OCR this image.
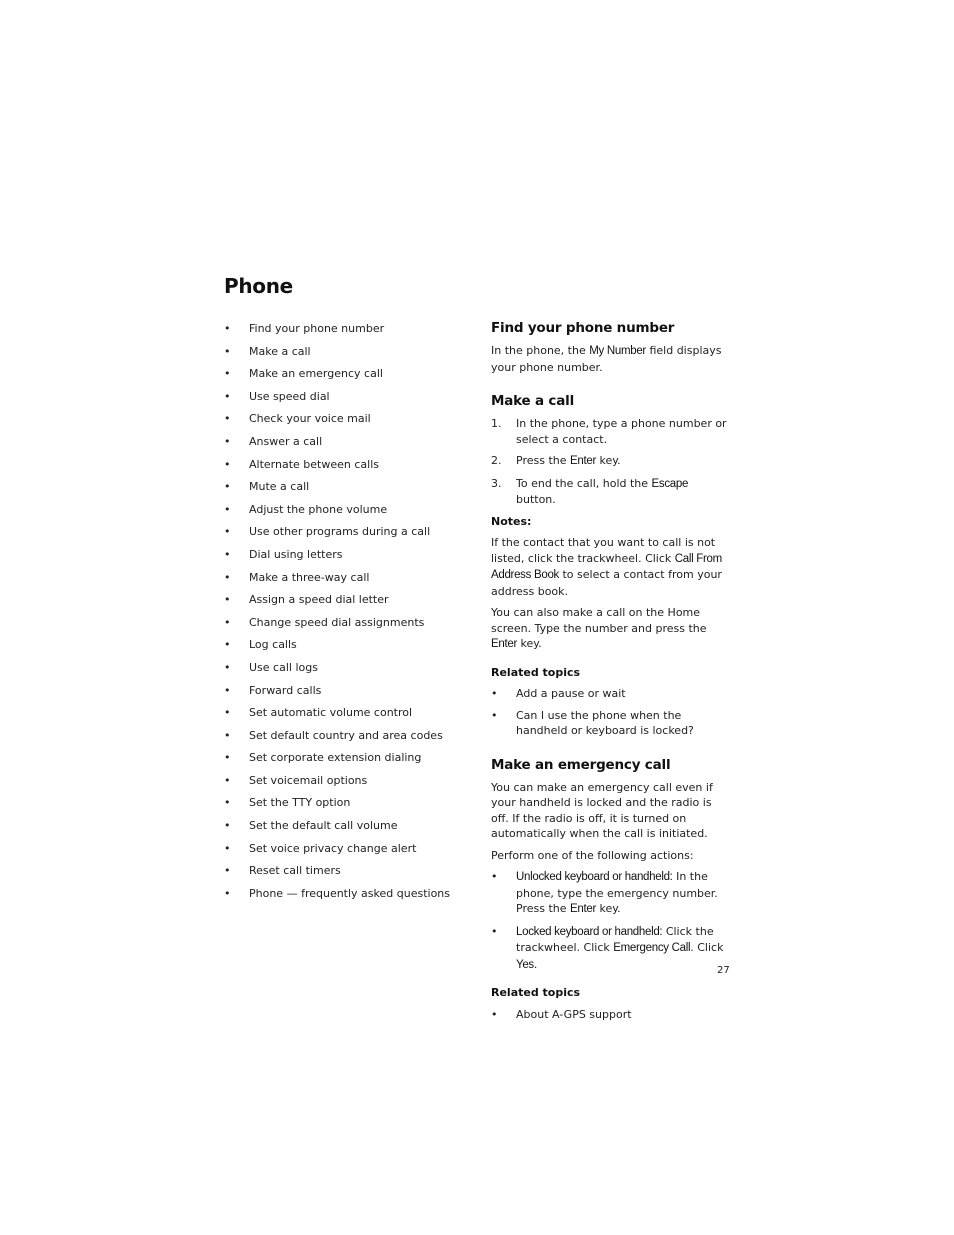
Phone
• Find your phone number
• Make a call
• Make an emergency call
• Use speed dial
• Check your voice mail
• Answer a call
• Alternate between calls
• Mute a call
• Adjust the phone volume
• Use other programs during a call
• Dial using letters
• Make a three-way call
• Assign a speed dial letter
• Change speed dial assignments
• Log calls
• Use call logs
• Forward calls
• Set automatic volume control
• Set default country and area codes
• Set corporate extension dialing
• Set voicemail options
• Set the TTY option
• Set the default call volume
• Set voice privacy change alert
• Reset call timers
• Phone — frequently asked questions
Find your phone number

In the phone, the My Number field displays your phone number.

Make a call
1. In the phone, type a phone number or select a contact.
2. Press the Enter key.
3. To end the call, hold the Escape button.

Notes:

If the contact that you want to call is not listed, click the trackwheel. Click Call From Address Book to select a contact from your address book.

You can also make a call on the Home screen. Type the number and press the Enter key.

Related topics

• Add a pause or wait
• Can I use the phone when the handheld or keyboard is locked?
Make an emergency call

You can make an emergency call even if your handheld is locked and the radio is off. If the radio is off, it is turned on automatically when the call is initiated.

Perform one of the following actions:

• Unlocked keyboard or handheld: In the phone, type the emergency number. Press the Enter key.
• Locked keyboard or handheld: Click the trackwheel. Click Emergency Call. Click Yes.

Related topics

• About A-GPS support
27
